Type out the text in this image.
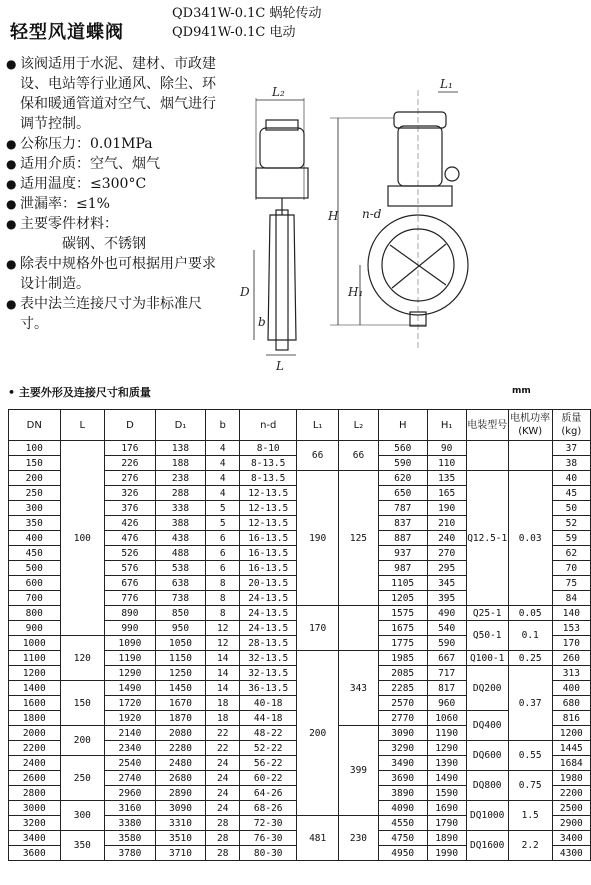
轻型风道蝶阀
QD341W-0.1C 蜗轮传动
QD941W-0.1C 电动
● 该阀适用于水泥、建材、市政建设、电站等行业通风、除尘、环保和暖通管道对空气、烟气进行调节控制。
● 公称压力：0.01MPa
● 适用介质：空气、烟气
● 适用温度：≤300°C
● 泄漏率：≤1%
● 主要零件材料：
碳钢、不锈钢
● 除表中规格外也可根据用户要求设计制造。
● 表中法兰连接尺寸为非标准尺寸。
L₂
L₁
H n-d
D	H₁
b
L
• 主要外形及连接尺寸和质量	mm
DN	L	D	D₁	b	n-d	L₁	L₂	H	H₁	电装型号	电机功率(KW)	质量(kg)
100	100	176	138	4	8-10	66	66	560	90			37
150		226	188	4	8-13.5			590	110			38
200		276	238	4	8-13.5	190	125	620	135	Q12.5-1	0.03	40
250		326	288	4	12-13.5			650	165			45
300		376	338	5	12-13.5			787	190			50
350		426	388	5	12-13.5			837	210			52
400		476	438	6	16-13.5			887	240			59
450		526	488	6	16-13.5			937	270			62
500		576	538	6	16-13.5			987	295			70
600		676	638	8	20-13.5			1105	345			75
700		776	738	8	24-13.5			1205	395			84
800		890	850	8	24-13.5	170		1575	490	Q25-1	0.05	140
900		990	950	12	24-13.5			1675	540	Q50-1	0.1	153
1000	120	1090	1050	12	28-13.5			1775	590			170
1100		1190	1150	14	32-13.5	200	343	1985	667	Q100-1	0.25	260
1200		1290	1250	14	32-13.5			2085	717	DQ200	0.37	313
1400	150	1490	1450	14	36-13.5			2285	817			400
1600		1720	1670	18	40-18			2570	960			680
1800		1920	1870	18	44-18			2770	1060	DQ400		816
2000	200	2140	2080	22	48-22		399	3090	1190			1200
2200		2340	2280	22	52-22			3290	1290	DQ600	0.55	1445
2400	250	2540	2480	24	56-22			3490	1390			1684
2600		2740	2680	24	60-22			3690	1490	DQ800	0.75	1980
2800		2960	2890	24	64-26			3890	1590			2200
3000	300	3160	3090	24	68-26			4090	1690	DQ1000	1.5	2500
3200		3380	3310	28	72-30	481	230	4550	1790			2900
3400	350	3580	3510	28	76-30			4750	1890	DQ1600	2.2	3400
3600		3780	3710	28	80-30			4950	1990			4300
